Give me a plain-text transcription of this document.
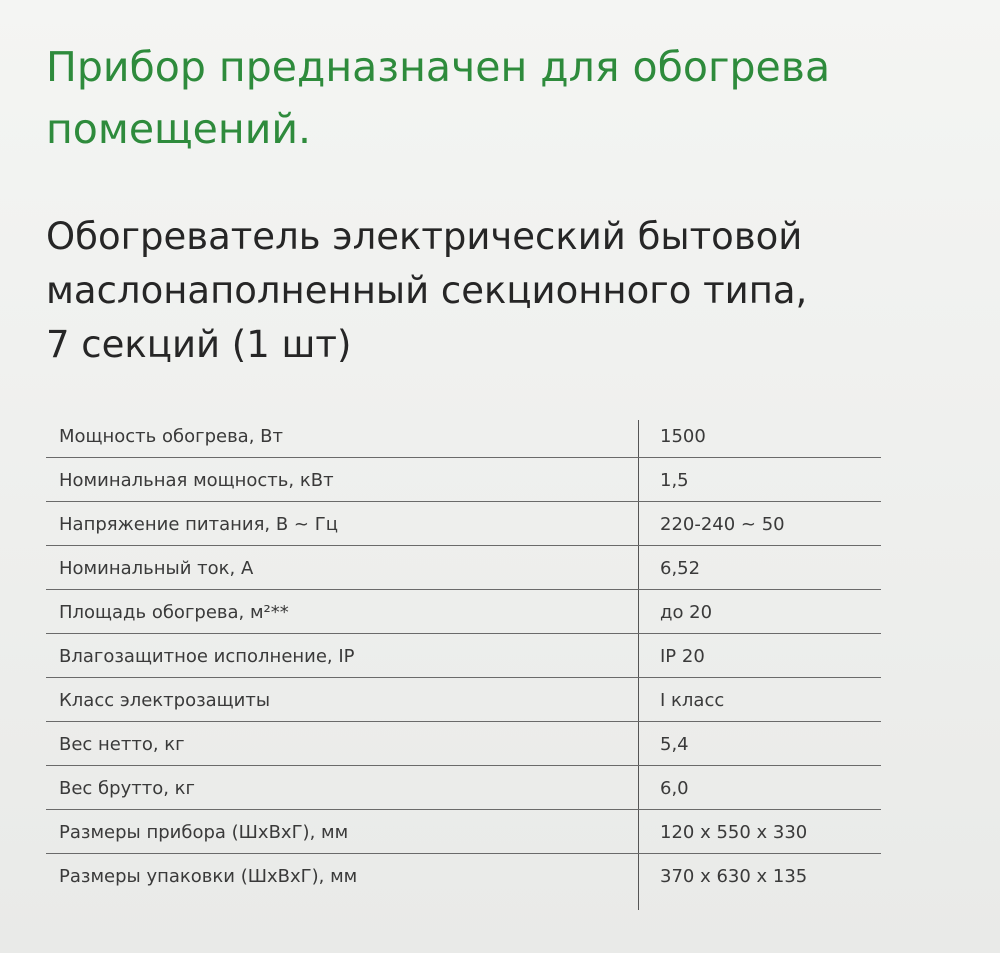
Прибор предназначен для обогрева помещений.
Обогреватель электрический бытовой
маслонаполненный секционного типа,
7 секций (1 шт)
Мощность обогрева, Вт	1500
Номинальная мощность, кВт	1,5
Напряжение питания, В ~ Гц	220-240 ~ 50
Номинальный ток, А	6,52
Площадь обогрева, м²**	до 20
Влагозащитное исполнение, IP	IP 20
Класс электрозащиты	I класс
Вес нетто, кг	5,4
Вес брутто, кг	6,0
Размеры прибора (ШхВхГ), мм	120 x 550 x 330
Размеры упаковки (ШхВхГ), мм	370 x 630 x 135
